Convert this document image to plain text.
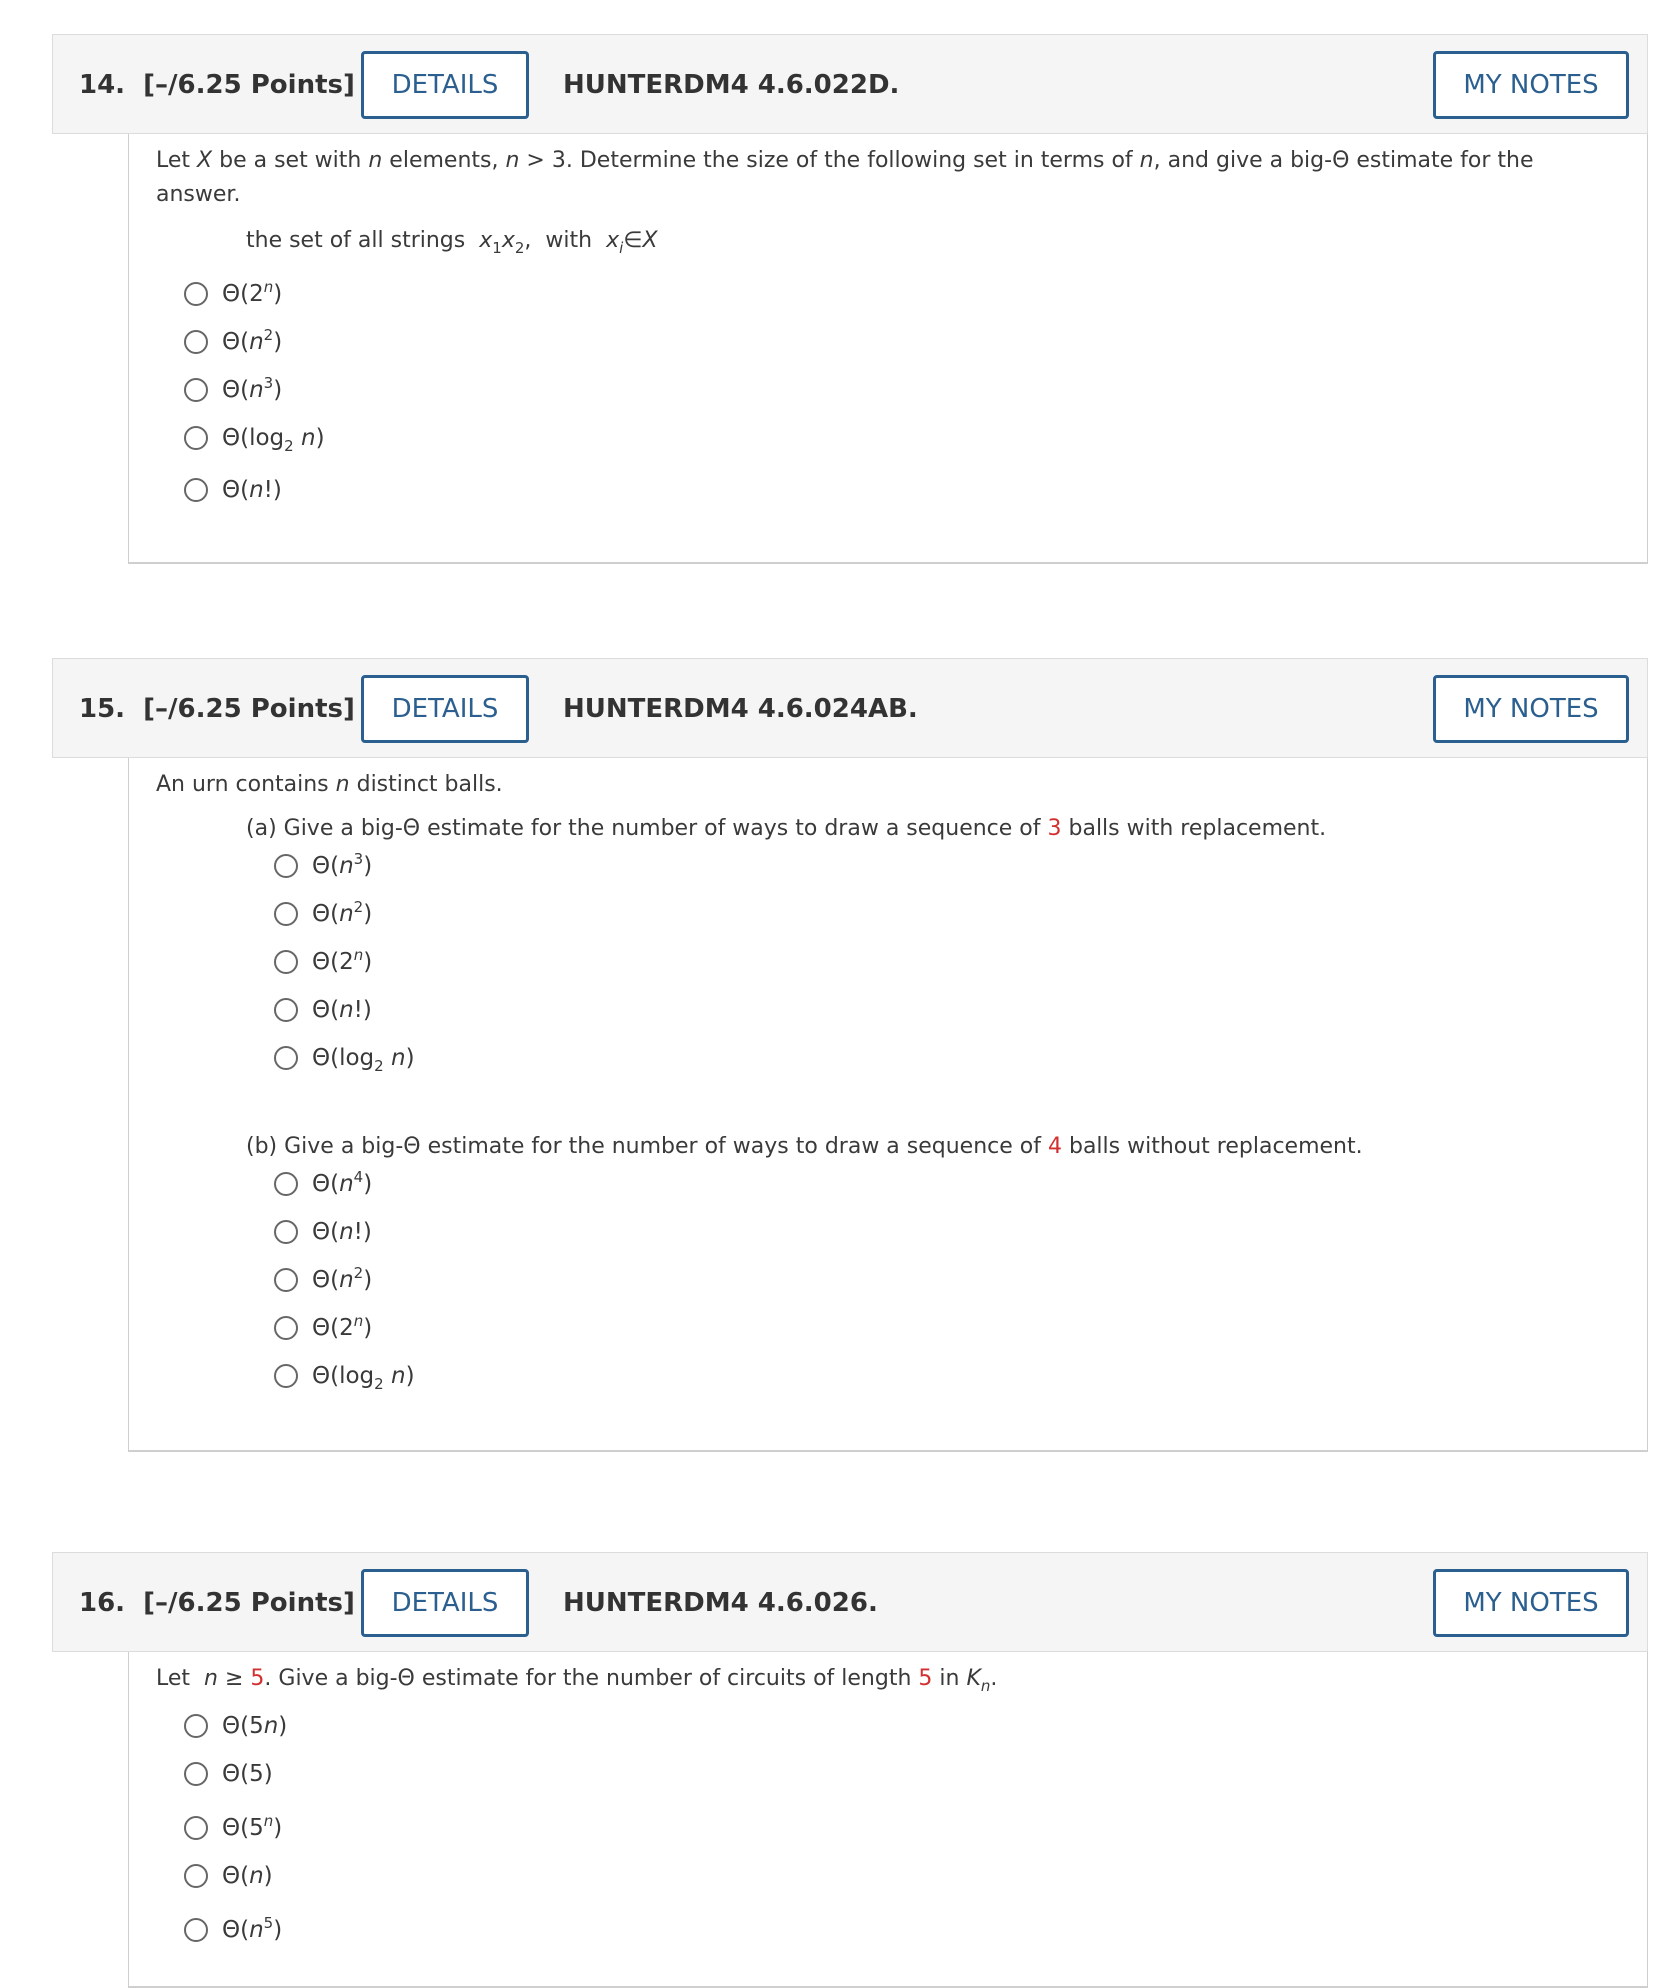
14. [–/6.25 Points]	DETAILS	HUNTERDM4 4.6.022D.	MY NOTES
Let X be a set with n elements, n > 3. Determine the size of the following set in terms of n, and give a big-Θ estimate for the
answer.
the set of all strings $x_1x_2$, with $x_i\in X$
Θ(2$^n$)
$\Theta(n^2)$
$\Theta(n^3)$
$\Theta(\log_2$ n)
Θ(n!)
15. [–/6.25 Points]	DETAILS	HUNTERDM4 4.6.024AB.	MY NOTES
An urn contains n distinct balls.
(a) Give a big-Θ estimate for the number of ways to draw a sequence of 3 balls with replacement.
$\Theta(n^3)$
$\Theta(n^2)$
Θ(2$^n$)
Θ(n!)
$\Theta(\log_2$ n)
(b) Give a big-Θ estimate for the number of ways to draw a sequence of 4 balls without replacement.
$\Theta(n^4)$
Θ(n!)
$\Theta(n^2)$
Θ(2$^n$)
$\Theta(\log_2$ n)
16. [–/6.25 Points]	DETAILS	HUNTERDM4 4.6.026.	MY NOTES
Let  n ≥ 5. Give a big-Θ estimate for the number of circuits of length 5 in $K_n$.
Θ(5n)
Θ(5)
Θ(5$^n$)
Θ(n)
$\Theta(n^5)$
